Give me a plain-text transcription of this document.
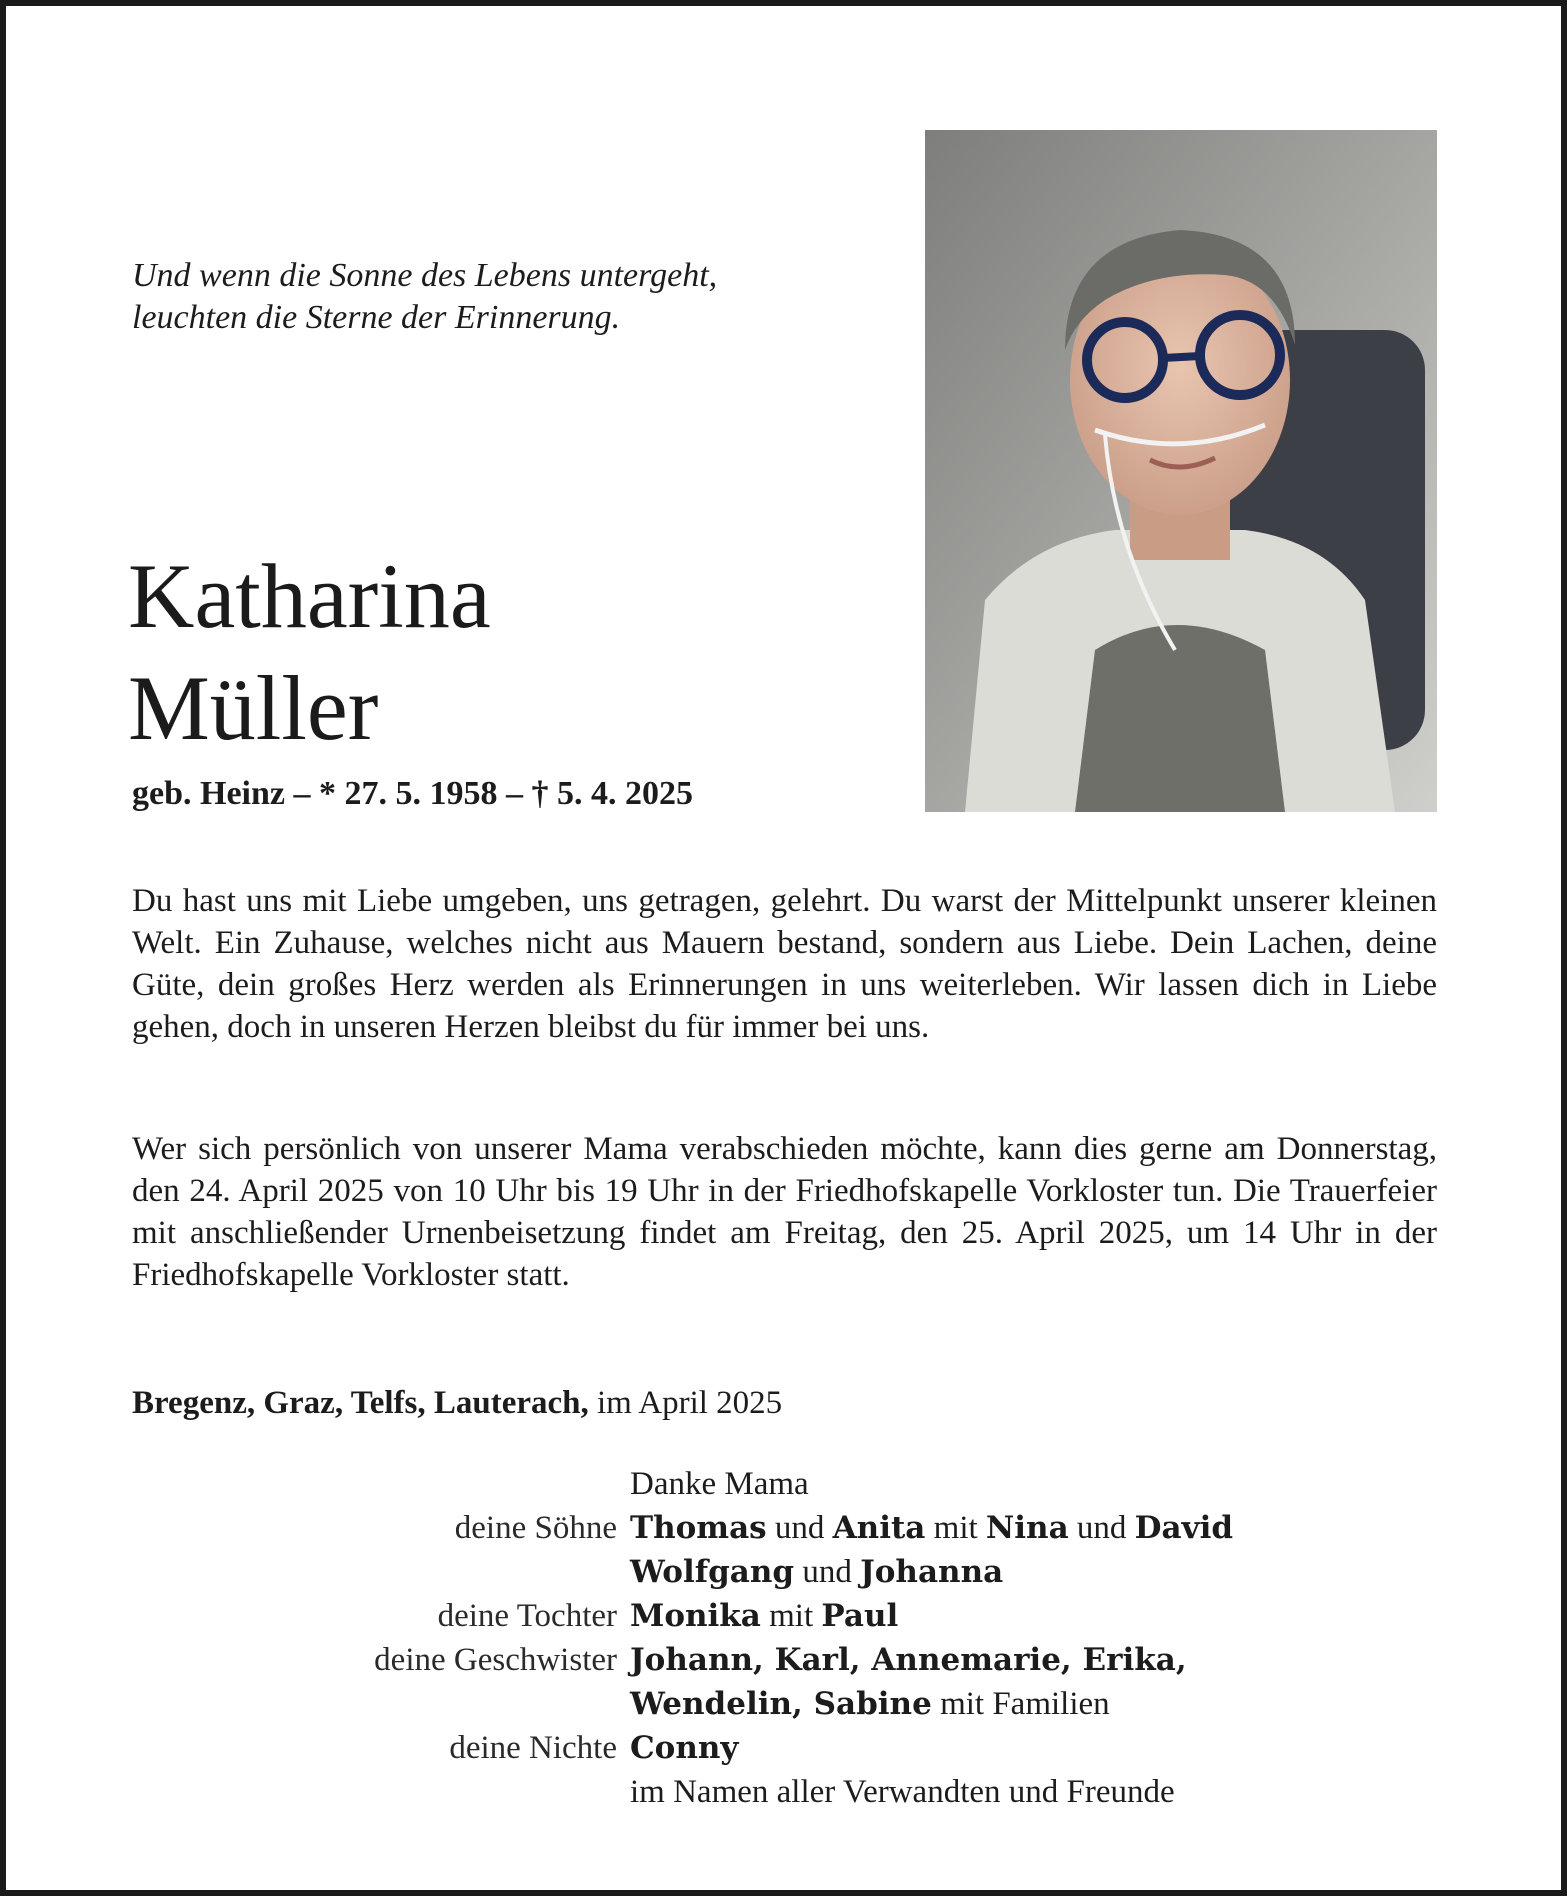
Und wenn die Sonne des Lebens untergeht,
leuchten die Sterne der Erinnerung.
Katharina
Müller
geb. Heinz – * 27. 5. 1958 – † 5. 4. 2025
Du hast uns mit Liebe umgeben, uns getragen, gelehrt. Du warst der Mittelpunkt unserer kleinen Welt. Ein Zuhause, welches nicht aus Mauern bestand, sondern aus Liebe. Dein Lachen, deine Güte, dein großes Herz werden als Erinnerungen in uns weiterleben. Wir lassen dich in Liebe gehen, doch in unseren Herzen bleibst du für immer bei uns.
Wer sich persönlich von unserer Mama verabschieden möchte, kann dies gerne am Donnerstag, den 24. April 2025 von 10 Uhr bis 19 Uhr in der Friedhofskapelle Vorkloster tun. Die Trauerfeier mit anschließender Urnenbeisetzung findet am Freitag, den 25. April 2025, um 14 Uhr in der Friedhofskapelle Vorkloster statt.
Bregenz, Graz, Telfs, Lauterach, im April 2025
Danke Mama
deine Söhne Thomas und Anita mit Nina und David
Wolfgang und Johanna
deine Tochter Monika mit Paul
deine Geschwister Johann, Karl, Annemarie, Erika,
Wendelin, Sabine mit Familien
deine Nichte Conny
im Namen aller Verwandten und Freunde
